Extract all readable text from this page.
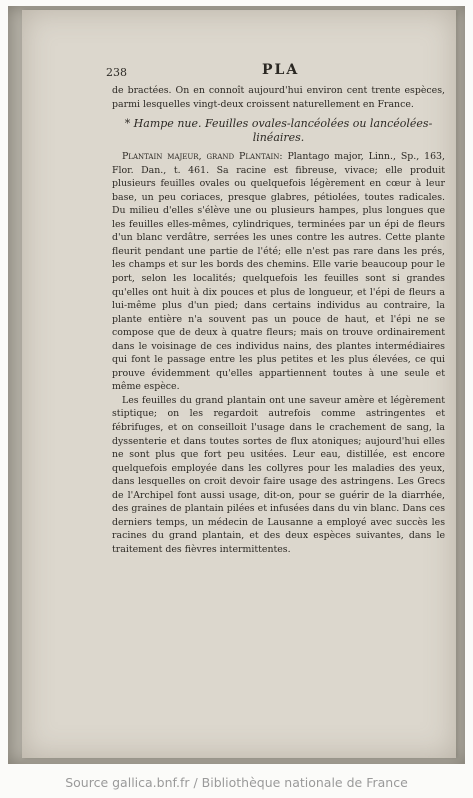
238	PLA

de bractées. On en connoît aujourd'hui environ cent trente espèces, parmi lesquelles vingt-deux croissent naturellement en France.

* Hampe nue. Feuilles ovales-lancéolées ou lancéolées-linéaires.

Plantain majeur, grand Plantain: Plantago major, Linn., Sp., 163, Flor. Dan., t. 461. Sa racine est fibreuse, vivace; elle produit plusieurs feuilles ovales ou quelquefois légèrement en cœur à leur base, un peu coriaces, presque glabres, pétiolées, toutes radicales. Du milieu d'elles s'élève une ou plusieurs hampes, plus longues que les feuilles elles-mêmes, cylindriques, terminées par un épi de fleurs d'un blanc verdâtre, serrées les unes contre les autres. Cette plante fleurit pendant une partie de l'été; elle n'est pas rare dans les prés, les champs et sur les bords des chemins. Elle varie beaucoup pour le port, selon les localités; quelquefois les feuilles sont si grandes qu'elles ont huit à dix pouces et plus de longueur, et l'épi de fleurs a lui-même plus d'un pied; dans certains individus au contraire, la plante entière n'a souvent pas un pouce de haut, et l'épi ne se compose que de deux à quatre fleurs; mais on trouve ordinairement dans le voisinage de ces individus nains, des plantes intermédiaires qui font le passage entre les plus petites et les plus élevées, ce qui prouve évidemment qu'elles appartiennent toutes à une seule et même espèce.

Les feuilles du grand plantain ont une saveur amère et légèrement stiptique; on les regardoit autrefois comme astringentes et fébrifuges, et on conseilloit l'usage dans le crachement de sang, la dyssenterie et dans toutes sortes de flux atoniques; aujourd'hui elles ne sont plus que fort peu usitées. Leur eau, distillée, est encore quelquefois employée dans les collyres pour les maladies des yeux, dans lesquelles on croit devoir faire usage des astringens. Les Grecs de l'Archipel font aussi usage, dit-on, pour se guérir de la diarrhée, des graines de plantain pilées et infusées dans du vin blanc. Dans ces derniers temps, un médecin de Lausanne a employé avec succès les racines du grand plantain, et des deux espèces suivantes, dans le traitement des fièvres intermittentes.

Source gallica.bnf.fr / Bibliothèque nationale de France
